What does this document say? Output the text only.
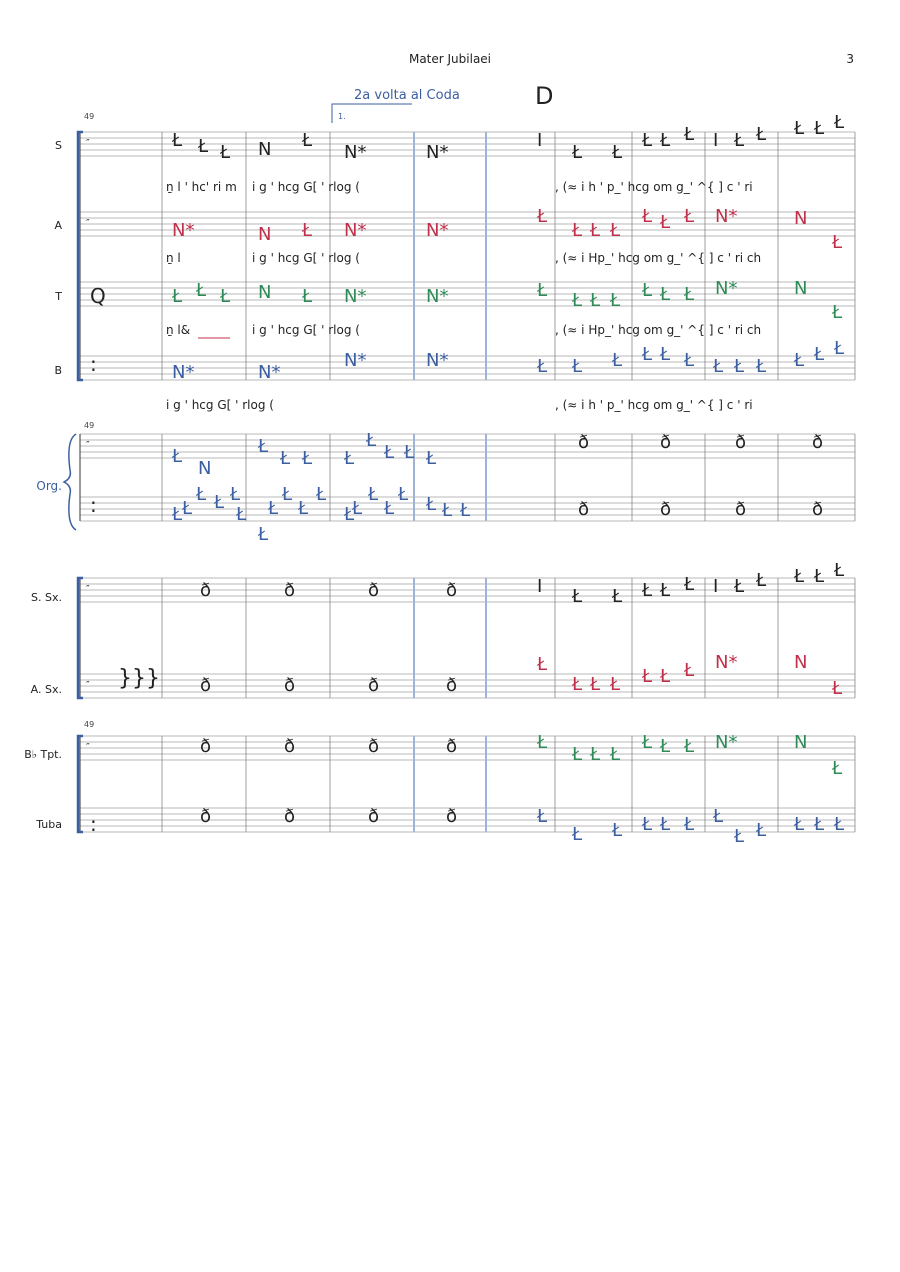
Mater Jubilaei	3
2a volta al Coda	D
49
49
49
S
A
T
B
Org.
S. Sx.
A. Sx.
B♭ Tpt.
Tuba
″
″
″
″
″
″
Ł Ł Ł N Ł
N*	N*
I
Ł Ł
Ł Ł Ł I Ł Ł Ł Ł Ł
N*	N Ł N*	N*
Ł
Ł Ł Ł
Ł Ł Ł N*	N
Ł
Ł Ł Ł	Ł
N	N*	N*	Ł Ł Ł Ł Ł Ł Ł N*	N
Ł
N*	N*
N*	N*	Ł Ł Ł Ł Ł Ł Ł Ł Ł Ł Ł Ł
Ł
N
Ł
Ł Ł Ł
Ł
Ł Ł Ł
ð	ð	ð	ð
Ł Ł
Ł Ł Ł
Ł
Ł
Ł
Ł
Ł
Ł
Ł
Ł
Ł
Ł
Ł Ł Ł Ł	ð	ð	ð	ð
ð
ð
ð
ð
ð
ð
ð
ð
ð
ð
ð
ð
ð
ð
ð
ð
I Ł Ł Ł Ł Ł I Ł Ł Ł Ł Ł
Ł
Ł Ł Ł Ł Ł Ł N*	N
Ł
Ł
Ł Ł Ł
Ł Ł Ł N*	N
Ł
Ł
Ł Ł Ł Ł Ł Ł
Ł Ł Ł Ł Ł
1.
Q
:
:
:
}}}
ṉ l ' hc' ri m i g ' hcg G[ ' rlog (	, (≈ i h ' p_' hcg om g_' ^{ ] c ' ri
ṉ l	i g ' hcg G[ ' rlog (	, (≈ i Hp_' hcg om g_' ^{ ] c ' ri ch
ṉ l&	i g ' hcg G[ ' rlog (	, (≈ i Hp_' hcg om g_' ^{ ] c ' ri ch
i g ' hcg G[ ' rlog (	, (≈ i h ' p_' hcg om g_' ^{ ] c ' ri
